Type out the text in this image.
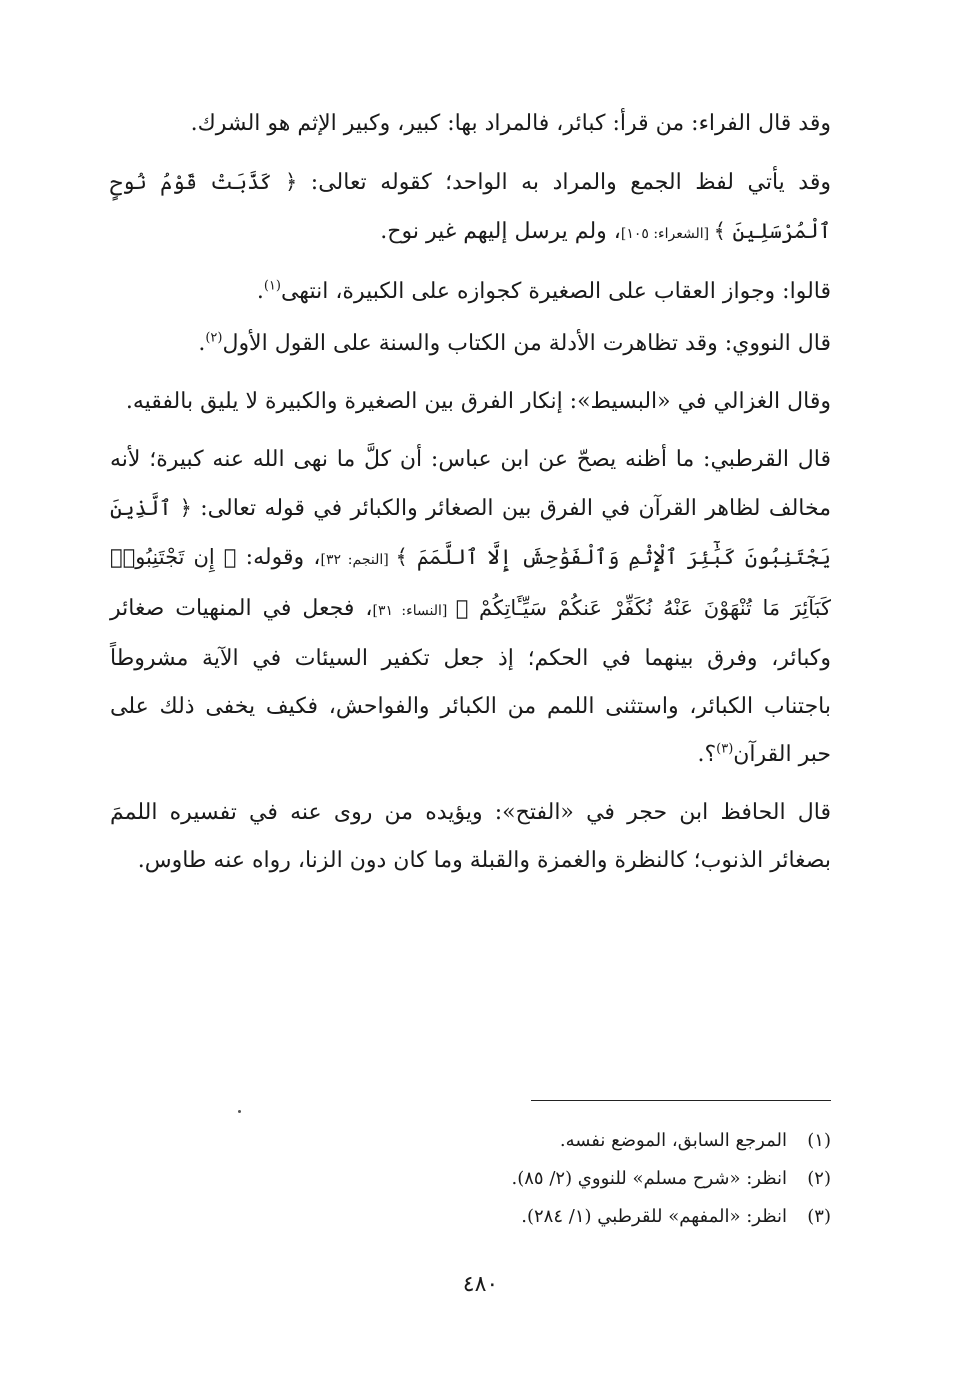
وقد قال الفراء: من قرأ: كبائر، فالمراد بها: كبير، وكبير الإثم هو الشرك.

وقد يأتي لفظ الجمع والمراد به الواحد؛ كقوله تعالى: ﴿ كَذَّبَتْ قَوْمُ نُوحٍ ٱلْمُرْسَلِينَ ﴾ [الشعراء: ١٠٥]، ولم يرسل إليهم غير نوح.

قالوا: وجواز العقاب على الصغيرة كجوازه على الكبيرة، انتهى$^{(١)}$.

قال النووي: وقد تظاهرت الأدلة من الكتاب والسنة على القول الأول$^{(٢)}$.

وقال الغزالي في «البسيط»: إنكار الفرق بين الصغيرة والكبيرة لا يليق بالفقيه.

قال القرطبي: ما أظنه يصحّ عن ابن عباس: أن كلَّ ما نهى الله عنه كبيرة؛ لأنه مخالف لظاهر القرآن في الفرق بين الصغائر والكبائر في قوله تعالى: ﴿ ٱلَّذِينَ يَجْتَنِبُونَ كَبَٰٓئِرَ ٱلْإِثْمِ وَٱلْفَوَٰحِشَ إِلَّا ٱللَّمَمَ ﴾ [النجم: ٣٢]، وقوله: ﴿ إِن تَجْتَنِبُوا۟ كَبَآئِرَ مَا تُنْهَوْنَ عَنْهُ نُكَفِّرْ عَنكُمْ سَيِّـَٔاتِكُمْ ﴾ [النساء: ٣١]، فجعل في المنهيات صغائر وكبائر، وفرق بينهما في الحكم؛ إذ جعل تكفير السيئات في الآية مشروطاً باجتناب الكبائر، واستثنى اللمم من الكبائر والفواحش، فكيف يخفى ذلك على حبر القرآن$^{(٣)}$؟.

قال الحافظ ابن حجر في «الفتح»: ويؤيده من روى عنه في تفسيره اللممَ بصغائر الذنوب؛ كالنظرة والغمزة والقبلة وما كان دون الزنا، رواه عنه طاوس.

(١)المرجع السابق، الموضع نفسه.
(٢)انظر: «شرح مسلم» للنووي (٢/ ٨٥).
(٣)انظر: «المفهم» للقرطبي (١/ ٢٨٤).
٤٨٠
